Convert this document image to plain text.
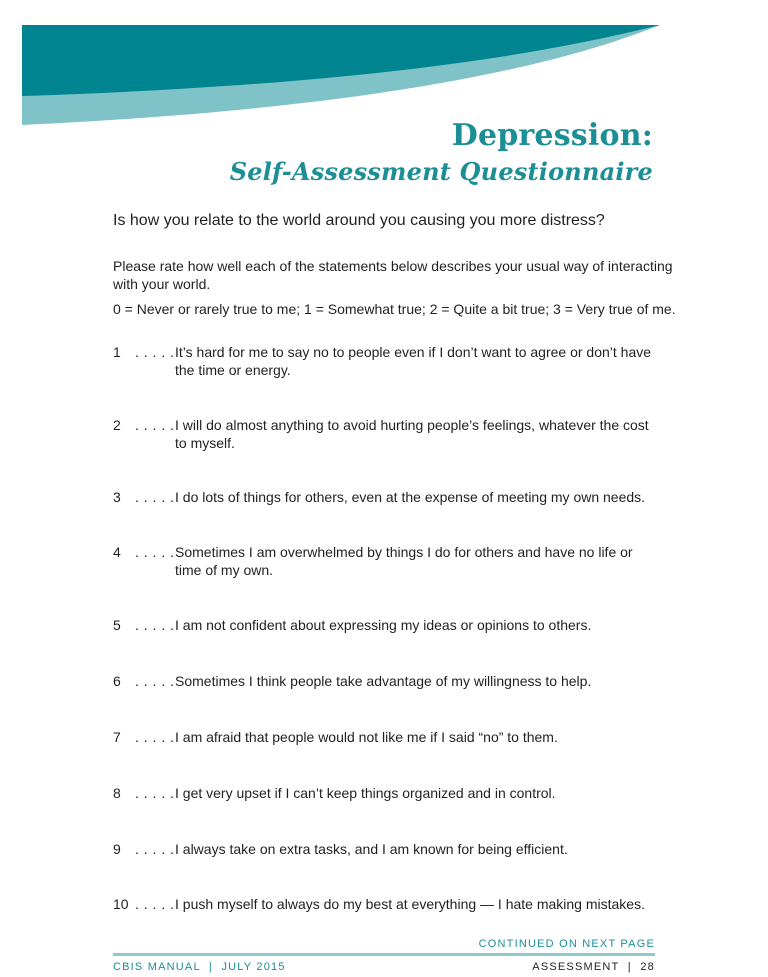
Depression:
Self-Assessment Questionnaire
Is how you relate to the world around you causing you more distress?
Please rate how well each of the statements below describes your usual way of interacting with your world.
0 = Never or rarely true to me; 1 = Somewhat true; 2 = Quite a bit true; 3 = Very true of me.
1	. . . . . It’s hard for me to say no to people even if I don’t want to agree or don’t have the time or energy.
2	. . . . . I will do almost anything to avoid hurting people’s feelings, whatever the cost to myself.
3	. . . . . I do lots of things for others, even at the expense of meeting my own needs.
4	. . . . . Sometimes I am overwhelmed by things I do for others and have no life or time of my own.
5	. . . . . I am not confident about expressing my ideas or opinions to others.
6	. . . . . Sometimes I think people take advantage of my willingness to help.
7	. . . . . I am afraid that people would not like me if I said “no” to them.
8	. . . . . I get very upset if I can’t keep things organized and in control.
9	. . . . . I always take on extra tasks, and I am known for being efficient.
10 . . . . . I push myself to always do my best at everything — I hate making mistakes.
CONTINUED ON NEXT PAGE
CBIS MANUAL  |  JULY 2015	ASSESSMENT  |  28
